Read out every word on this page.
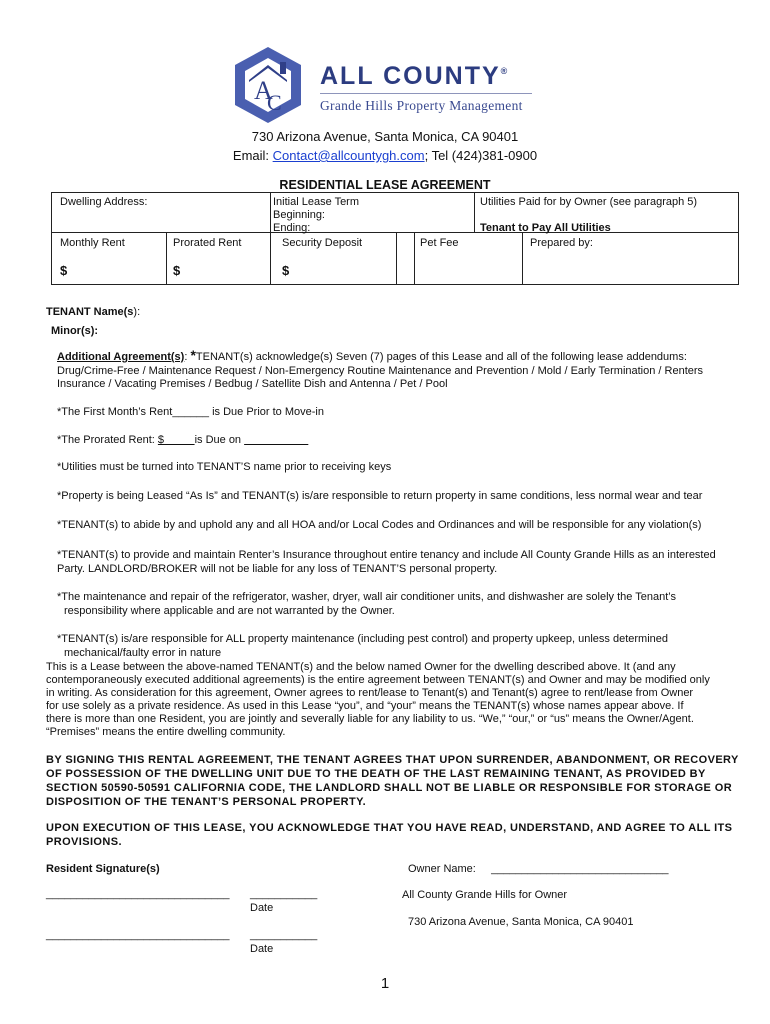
A
C
ALL COUNTY®
Grande Hills Property Management
730 Arizona Avenue, Santa Monica, CA 90401
Email: Contact@allcountygh.com; Tel (424)381-0900
RESIDENTIAL LEASE AGREEMENT
Dwelling Address:	Initial Lease Term
Beginning:
Ending:
Utilities Paid for by Owner (see paragraph 5)
Tenant to Pay All Utilities
Monthly Rent	Prorated Rent	Security Deposit	Pet Fee	Prepared by:
$	$	$
TENANT Name(s):
Minor(s):
Additional Agreement(s): *TENANT(s) acknowledge(s) Seven (7) pages of this Lease and all of the following lease addendums:
Drug/Crime-Free / Maintenance Request / Non-Emergency Routine Maintenance and Prevention / Mold / Early Termination / Renters
Insurance / Vacating Premises / Bedbug / Satellite Dish and Antenna / Pet / Pool
*The First Month’s Rent______ is Due Prior to Move-in
*The Prorated Rent: $	is Due on
*Utilities must be turned into TENANT’S name prior to receiving keys
*Property is being Leased “As Is” and TENANT(s) is/are responsible to return property in same conditions, less normal wear and tear
*TENANT(s) to abide by and uphold any and all HOA and/or Local Codes and Ordinances and will be responsible for any violation(s)
*TENANT(s) to provide and maintain Renter’s Insurance throughout entire tenancy and include All County Grande Hills as an interested
Party. LANDLORD/BROKER will not be liable for any loss of TENANT’S personal property.
*The maintenance and repair of the refrigerator, washer, dryer, wall air conditioner units, and dishwasher are solely the Tenant’s
responsibility where applicable and are not warranted by the Owner.
*TENANT(s) is/are responsible for ALL property maintenance (including pest control) and property upkeep, unless determined
mechanical/faulty error in nature
This is a Lease between the above-named TENANT(s) and the below named Owner for the dwelling described above. It (and any
contemporaneously executed additional agreements) is the entire agreement between TENANT(s) and Owner and may be modified only
in writing. As consideration for this agreement, Owner agrees to rent/lease to Tenant(s) and Tenant(s) agree to rent/lease from Owner
for use solely as a private residence. As used in this Lease “you”, and “your” means the TENANT(s) whose names appear above. If
there is more than one Resident, you are jointly and severally liable for any liability to us. “We,” “our,” or “us” means the Owner/Agent.
“Premises” means the entire dwelling community.
BY SIGNING THIS RENTAL AGREEMENT, THE TENANT AGREES THAT UPON SURRENDER, ABANDONMENT, OR RECOVERY
OF POSSESSION OF THE DWELLING UNIT DUE TO THE DEATH OF THE LAST REMAINING TENANT, AS PROVIDED BY
SECTION 50590-50591 CALIFORNIA CODE, THE LANDLORD SHALL NOT BE LIABLE OR RESPONSIBLE FOR STORAGE OR
DISPOSITION OF THE TENANT’S PERSONAL PROPERTY.
UPON EXECUTION OF THIS LEASE, YOU ACKNOWLEDGE THAT YOU HAVE READ, UNDERSTAND, AND AGREE TO ALL ITS
PROVISIONS.
Resident Signature(s)	Owner Name: _____________________________
______________________________ ___________
Date
All County Grande Hills for Owner
730 Arizona Avenue, Santa Monica, CA 90401
______________________________ ___________
Date
1
